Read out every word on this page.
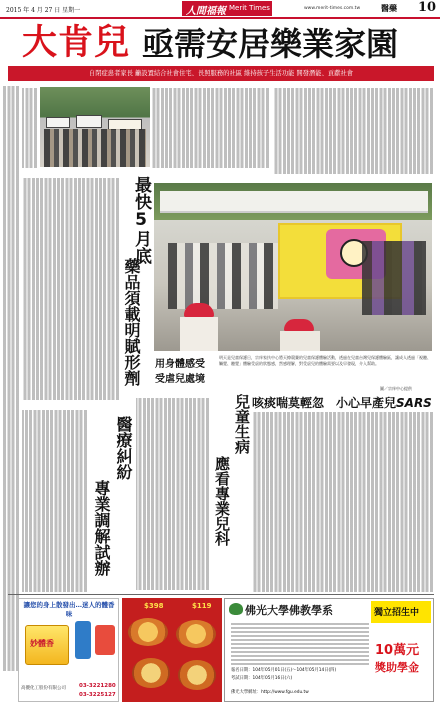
2015 年 4 月 27 日 星期一	人間福報 Merit Times	www.merit-times.com.tw	醫藥 10
大肯兒 亟需安居樂業家園
自閉症患者家長 籲設置結合社會住宅、長照服務的社區 維持孩子生活功能 開發潛能、貢獻社會
最快5月底
藥品須載明賦形劑 用身體感受
受虐兒處境
明天是兒童保護日，宗庠家扶中心將天擦競賽的兒童保護體驗活動，透過在兒童台灣兒保護體驗區，讓成人透過「視聽、觸覺、聽覺」體驗受虐的狀態感，然感理解，對受虐兒的體驗需要以及早發現，介入幫助。
圖／宗庠中心提供
咳痰喘莫輕忽　小心早產兒SARS
兒童生病
應看專業兒科
醫療糾紛
專業調解試辦
讓您的身上散發出…迷人的體香味
妙體香
高優化工股份有限公司 03-3221280
03-3225127
$398	$119	佛光大學佛教學系	獨立招生中
報名日期：104年05月01日(五)～104年05月14日(四)
考試日期：104年05月16日(六)
10萬元
獎助學金
佛光大學網址：http://www.fgu.edu.tw
